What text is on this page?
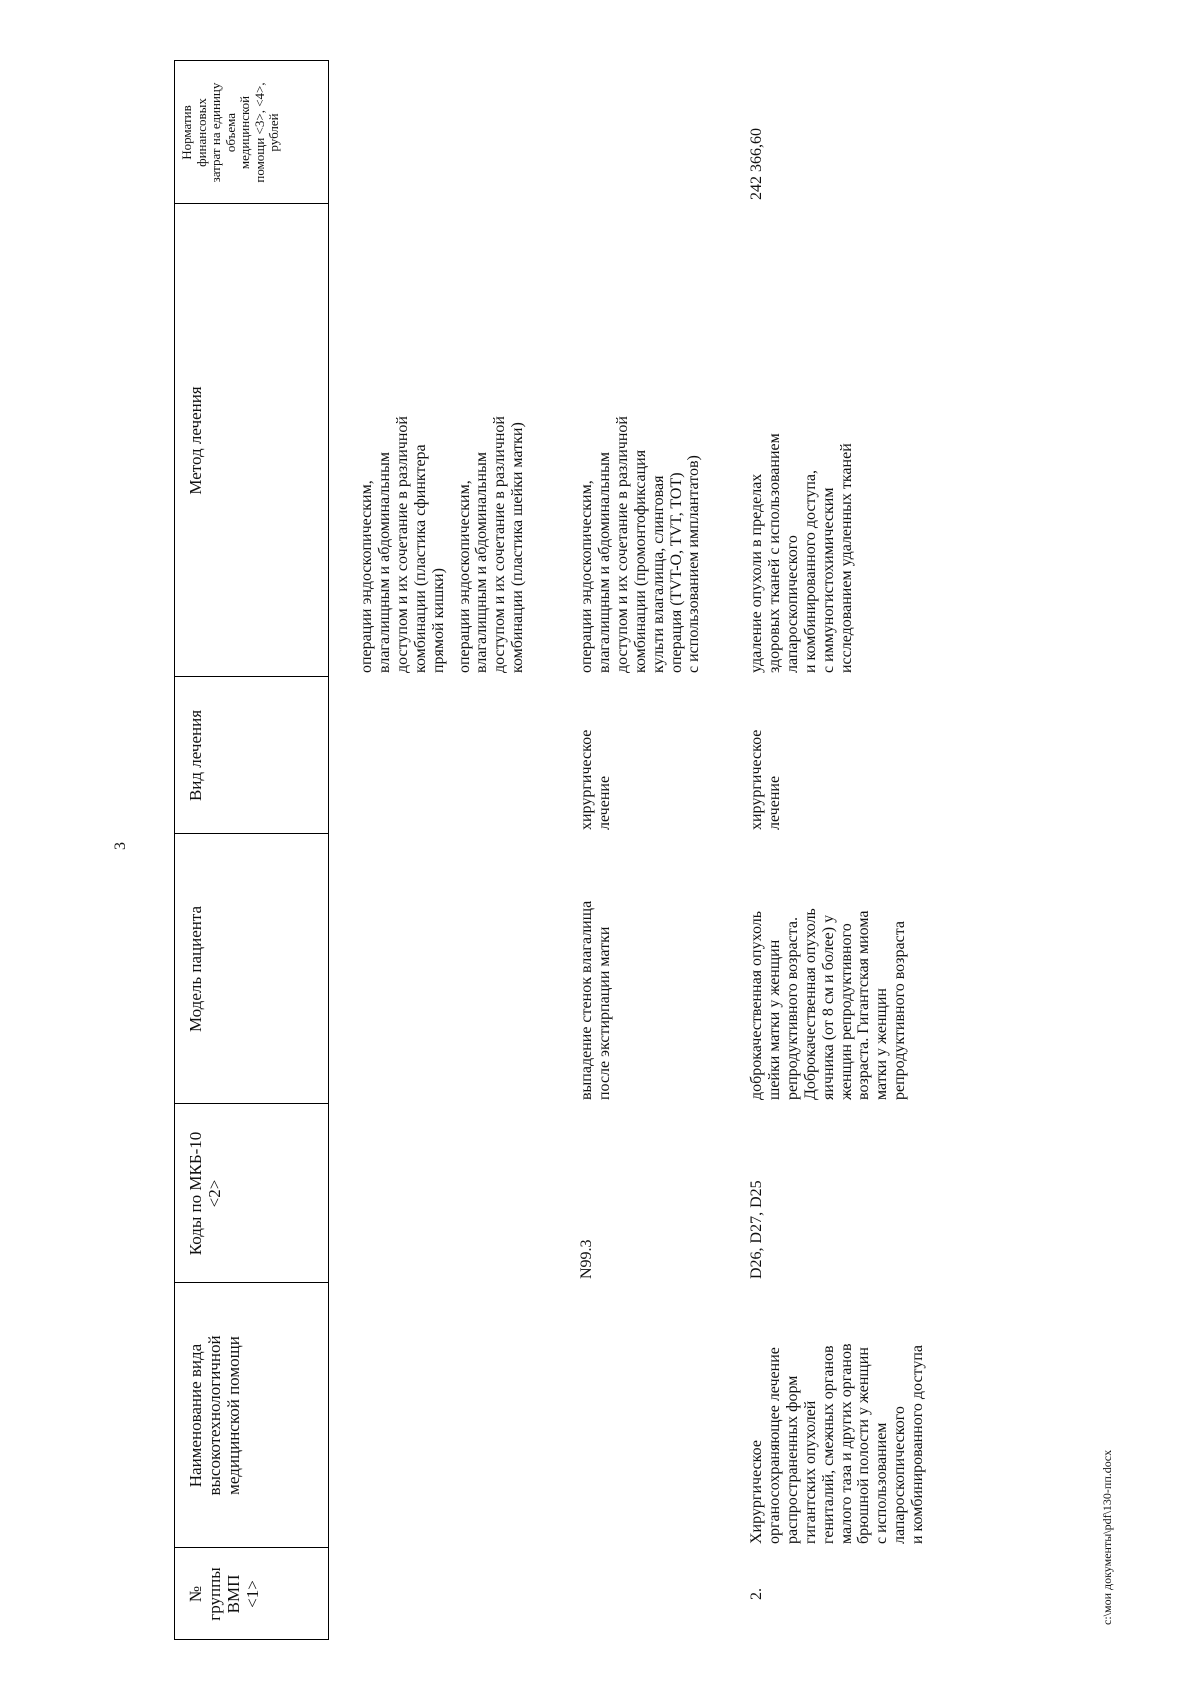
3
№ группы ВМП <1>
Наименование вида высокотехнологичной медицинской помощи
Коды по МКБ-10 <2>
Модель пациента
Вид лечения
Метод лечения
Норматив финансовых затрат на единицу объема медицинской помощи <3>, <4>, рублей
операции эндоскопическим, влагалищным и абдоминальным доступом и их сочетание в различной комбинации (пластика сфинктера прямой кишки) операции эндоскопическим, влагалищным и абдоминальным доступом и их сочетание в различной комбинации (пластика шейки матки)
N99.3
выпадение стенок влагалища после экстирпации матки
хирургическое лечение
операции эндоскопическим, влагалищным и абдоминальным доступом и их сочетание в различной комбинации (промонтофиксация культи влагалища, слинговая операция (TVT-O, TVT, TOT) с использованием имплантатов)
2.
Хирургическое органосохраняющее лечение распространенных форм гигантских опухолей гениталий, смежных органов малого таза и других органов брюшной полости у женщин с использованием лапароскопического и комбинированного доступа
D26, D27, D25
доброкачественная опухоль шейки матки у женщин репродуктивного возраста. Доброкачественная опухоль яичника (от 8 см и более) у женщин репродуктивного возраста. Гигантская миома матки у женщин репродуктивного возраста
хирургическое лечение
удаление опухоли в пределах здоровых тканей с использованием лапароскопического и комбинированного доступа, с иммуногистохимическим исследованием удаленных тканей
242 366,60
c:\мои документы\pdf\130-пп.docx
